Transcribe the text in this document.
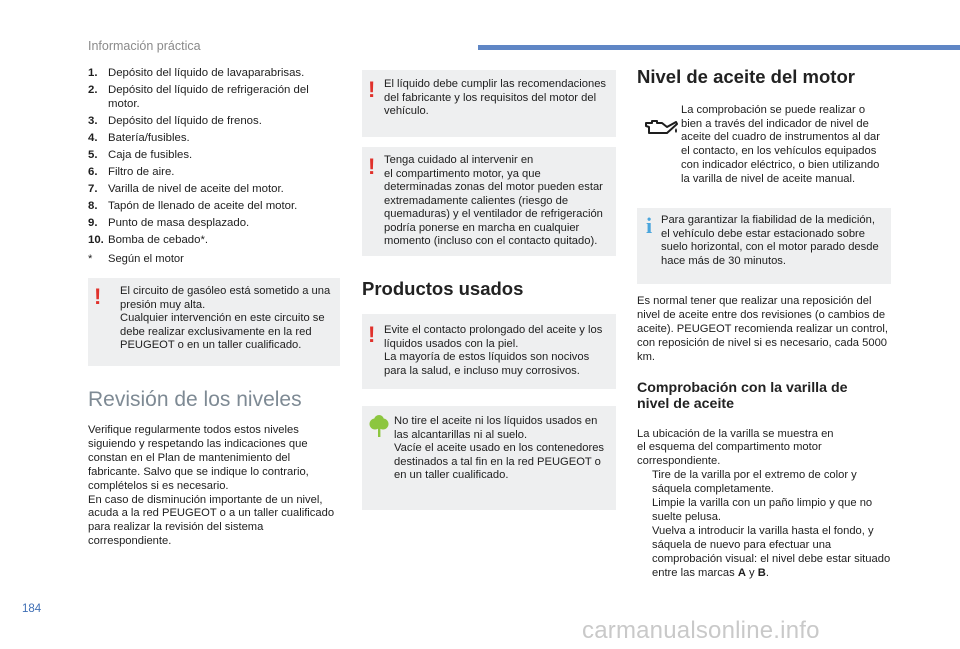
Información práctica
1. Depósito del líquido de lavaparabrisas.
2. Depósito del líquido de refrigeración del motor.
3. Depósito del líquido de frenos.
4. Batería/fusibles.
5. Caja de fusibles.
6. Filtro de aire.
7. Varilla de nivel de aceite del motor.
8. Tapón de llenado de aceite del motor.
9. Punto de masa desplazado.
10. Bomba de cebado*.
* Según el motor
! El circuito de gasóleo está sometido a una presión muy alta.
Cualquier intervención en este circuito se debe realizar exclusivamente en la red PEUGEOT o en un taller cualificado.
Revisión de los niveles
Verifique regularmente todos estos niveles siguiendo y respetando las indicaciones que constan en el Plan de mantenimiento del fabricante. Salvo que se indique lo contrario, complételos si es necesario.
En caso de disminución importante de un nivel, acuda a la red PEUGEOT o a un taller cualificado para realizar la revisión del sistema correspondiente.
! El líquido debe cumplir las recomendaciones del fabricante y los requisitos del motor del vehículo.
! Tenga cuidado al intervenir en
el compartimento motor, ya que determinadas zonas del motor pueden estar extremadamente calientes (riesgo de quemaduras) y el ventilador de refrigeración podría ponerse en marcha en cualquier momento (incluso con el contacto quitado).
Productos usados
! Evite el contacto prolongado del aceite y los líquidos usados con la piel.
La mayoría de estos líquidos son nocivos para la salud, e incluso muy corrosivos.
No tire el aceite ni los líquidos usados en las alcantarillas ni al suelo.
Vacíe el aceite usado en los contenedores destinados a tal fin en la red PEUGEOT o en un taller cualificado.
Nivel de aceite del motor
La comprobación se puede realizar o bien a través del indicador de nivel de aceite del cuadro de instrumentos al dar el contacto, en los vehículos equipados con indicador eléctrico, o bien utilizando la varilla de nivel de aceite manual.
i Para garantizar la fiabilidad de la medición, el vehículo debe estar estacionado sobre suelo horizontal, con el motor parado desde hace más de 30 minutos.
Es normal tener que realizar una reposición del nivel de aceite entre dos revisiones (o cambios de aceite). PEUGEOT recomienda realizar un control, con reposición de nivel si es necesario, cada 5000 km.
Comprobación con la varilla de
nivel de aceite
La ubicación de la varilla se muestra en
el esquema del compartimento motor correspondiente.
Tire de la varilla por el extremo de color y sáquela completamente.
Limpie la varilla con un paño limpio y que no suelte pelusa.
Vuelva a introducir la varilla hasta el fondo, y sáquela de nuevo para efectuar una comprobación visual: el nivel debe estar situado entre las marcas A y B.
184
carmanualsonline.info
